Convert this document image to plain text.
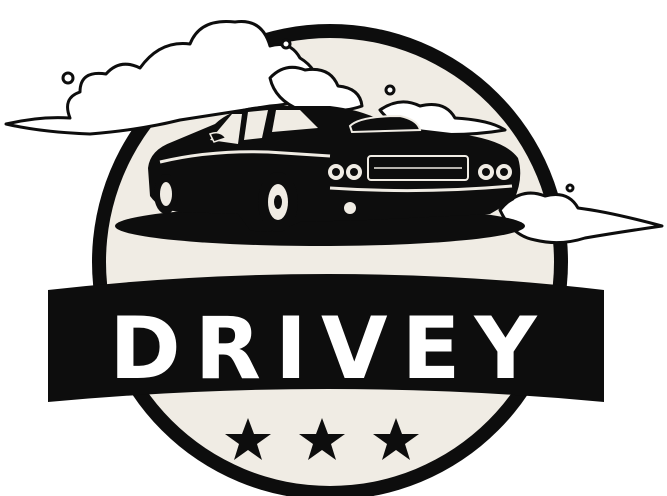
DRIVEY
